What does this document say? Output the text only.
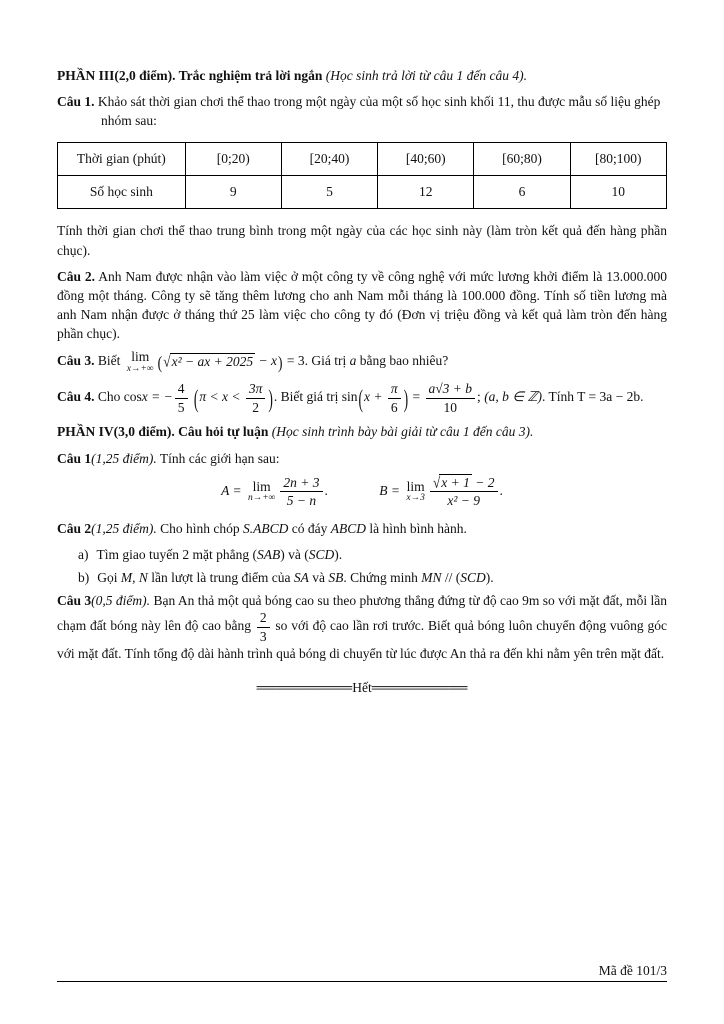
PHẦN III(2,0 điểm). Trắc nghiệm trả lời ngắn (Học sinh trả lời từ câu 1 đến câu 4).

Câu 1. Khảo sát thời gian chơi thể thao trong một ngày của một số học sinh khối 11, thu được mẫu số liệu ghép nhóm sau:

Thời gian (phút)	[0;20)	[20;40)	[40;60)	[60;80)	[80;100)
Số học sinh	9	5	12	6	10

Tính thời gian chơi thể thao trung bình trong một ngày của các học sinh này (làm tròn kết quả đến hàng phần chục).

Câu 2. Anh Nam được nhận vào làm việc ở một công ty về công nghệ với mức lương khởi điểm là 13.000.000 đồng một tháng. Công ty sẽ tăng thêm lương cho anh Nam mỗi tháng là 100.000 đồng. Tính số tiền lương mà anh Nam nhận được ở tháng thứ 25 làm việc cho công ty đó (Đơn vị triệu đồng và kết quả làm tròn đến hàng phần chục).

Câu 3. Biết lim
x→+∞ (√x² − ax + 2025 − x) = 3. Giá trị a bằng bao nhiêu?

Câu 4. Cho cosx = − $\frac{4}{5} (\pi < x < \frac{3\pi}{2}$ ). Biết giá trị $\sin(x + \frac{\pi}{6}$ ) = $\frac{a√3 + b}{10}$ ; (a, b ∈ ℤ). Tính T = 3a − 2b.

PHẦN IV(3,0 điểm). Câu hỏi tự luận (Học sinh trình bày bài giải từ câu 1 đến câu 3).

Câu 1(1,25 điểm). Tính các giới hạn sau:

A = lim
$n\to+\infty \frac{2n + 3}{5 - n}$ .	B = lim
$x\to 3 \frac{√x + 1 - 2}{\text{x² − 9}}$ .

Câu 2(1,25 điểm). Cho hình chóp S.ABCD có đáy ABCD là hình bình hành.

a) Tìm giao tuyến 2 mặt phẳng (SAB) và (SCD).

b) Gọi M, N lần lượt là trung điểm của SA và SB. Chứng minh MN // (SCD).

Câu 3(0,5 điểm). Bạn An thả một quả bóng cao su theo phương thẳng đứng từ độ cao 9m so với mặt đất, mỗi lần chạm đất bóng này lên độ cao bằng $\frac{2}{3}$ so với độ cao lần rơi trước. Biết quả bóng luôn chuyển động vuông góc với mặt đất. Tính tổng độ dài hành trình quả bóng di chuyển từ lúc được An thả ra đến khi nằm yên trên mặt đất.

══════════Hết══════════

Mã đề 101/3
